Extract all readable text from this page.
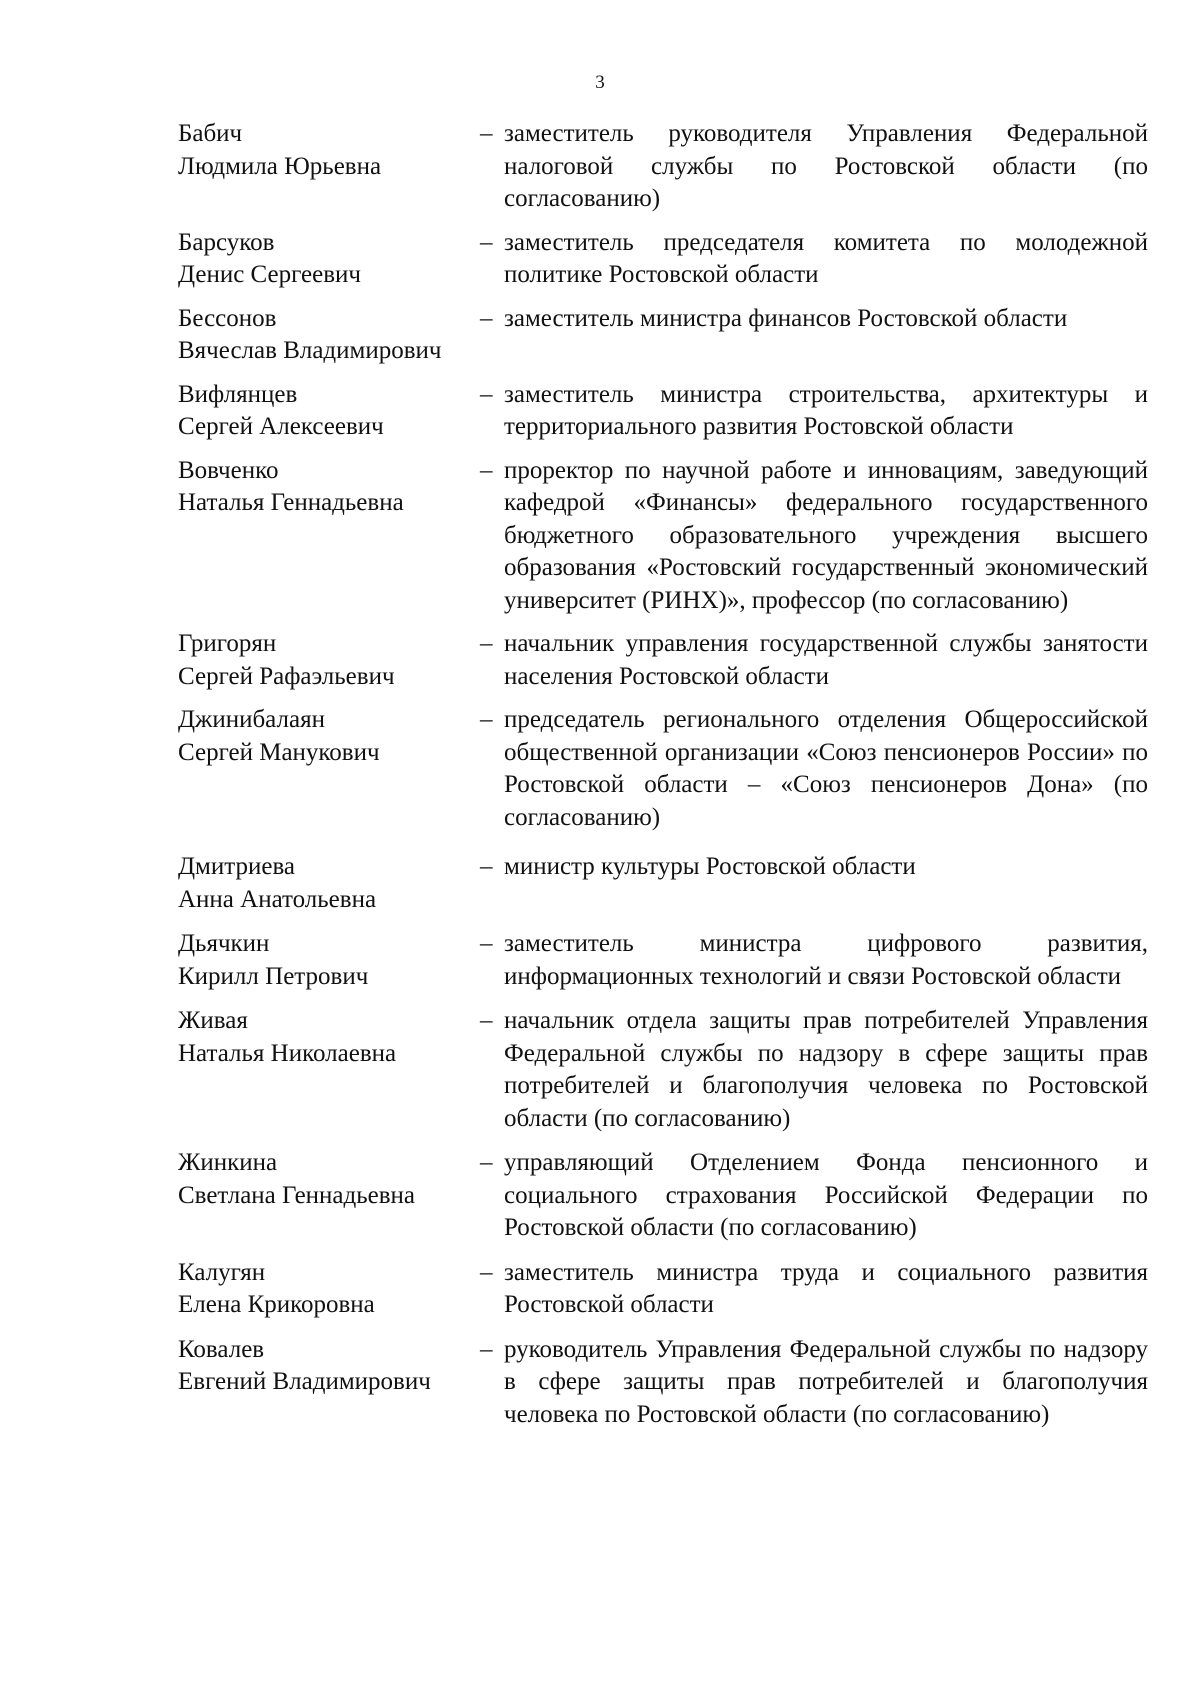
3
Бабич
Людмила Юрьевна
– заместитель руководителя Управления Федеральной налоговой службы по Ростовской области (по согласованию)
Барсуков
Денис Сергеевич
– заместитель председателя комитета по молодежной политике Ростовской области
Бессонов
Вячеслав Владимирович
– заместитель министра финансов Ростовской области
Вифлянцев
Сергей Алексеевич
– заместитель министра строительства, архитектуры и территориального развития Ростовской области
Вовченко
Наталья Геннадьевна
– проректор по научной работе и инновациям, заведующий кафедрой «Финансы» федерального государственного бюджетного образовательного учреждения высшего образования «Ростовский государственный экономический университет (РИНХ)», профессор (по согласованию)
Григорян
Сергей Рафаэльевич
– начальник управления государственной службы занятости населения Ростовской области
Джинибалаян
Сергей Манукович
– председатель регионального отделения Общероссийской общественной организации «Союз пенсионеров России» по Ростовской области – «Союз пенсионеров Дона» (по согласованию)
Дмитриева
Анна Анатольевна
– министр культуры Ростовской области
Дьячкин
Кирилл Петрович
– заместитель министра цифрового развития, информационных технологий и связи Ростовской области
Живая
Наталья Николаевна
– начальник отдела защиты прав потребителей Управления Федеральной службы по надзору в сфере защиты прав потребителей и благополучия человека по Ростовской области (по согласованию)
Жинкина
Светлана Геннадьевна
– управляющий Отделением Фонда пенсионного и социального страхования Российской Федерации по Ростовской области (по согласованию)
Калугян
Елена Крикоровна
– заместитель министра труда и социального развития Ростовской области
Ковалев
Евгений Владимирович
– руководитель Управления Федеральной службы по надзору в сфере защиты прав потребителей и благополучия человека по Ростовской области (по согласованию)
